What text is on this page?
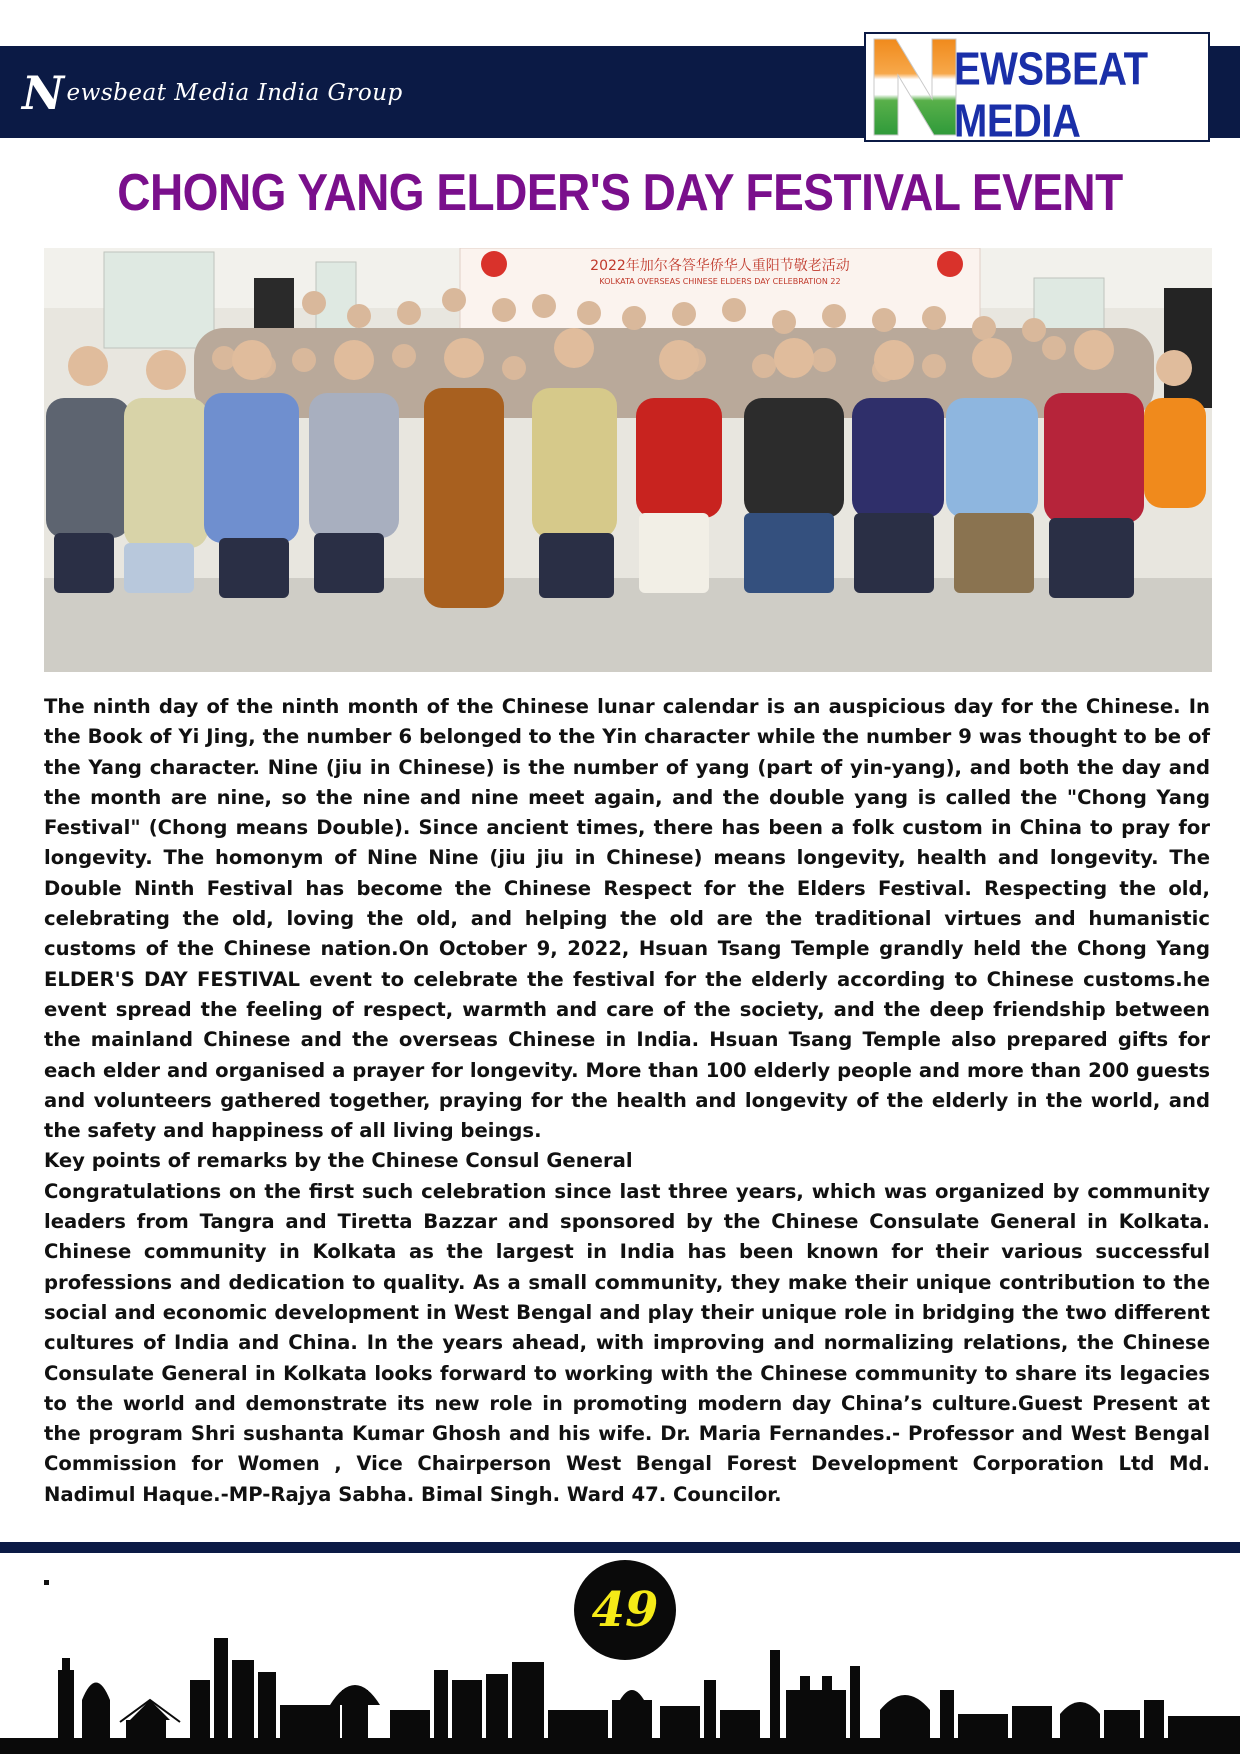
N ewsbeat Media India Group	EWSBEAT MEDIA
CHONG YANG ELDER'S DAY FESTIVAL EVENT
2022年加尔各答华侨华人重阳节敬老活动
KOLKATA OVERSEAS CHINESE ELDERS DAY CELEBRATION 22

The ninth day of the ninth month of the Chinese lunar calendar is an auspicious day for the Chinese. In the Book of Yi Jing, the number 6 belonged to the Yin character while the number 9 was thought to be of the Yang character. Nine (jiu in Chinese) is the number of yang (part of yin-yang), and both the day and the month are nine, so the nine and nine meet again, and the double yang is called the "Chong Yang Festival" (Chong means Double). Since ancient times, there has been a folk custom in China to pray for longevity. The homonym of Nine Nine (jiu jiu in Chinese) means longevity, health and longevity. The Double Ninth Festival has become the Chinese Respect for the Elders Festival. Respecting the old, celebrating the old, loving the old, and helping the old are the traditional virtues and humanistic customs of the Chinese nation.On October 9, 2022, Hsuan Tsang Temple grandly held the Chong Yang ELDER'S DAY FESTIVAL event to celebrate the festival for the elderly according to Chinese customs.he event spread the feeling of respect, warmth and care of the society, and the deep friendship between the mainland Chinese and the overseas Chinese in India. Hsuan Tsang Temple also prepared gifts for each elder and organised a prayer for longevity. More than 100 elderly people and more than 200 guests and volunteers gathered together, praying for the health and longevity of the elderly in the world, and the safety and happiness of all living beings.

Key points of remarks by the Chinese Consul General

Congratulations on the first such celebration since last three years, which was organized by community leaders from Tangra and Tiretta Bazzar and sponsored by the Chinese Consulate General in Kolkata. Chinese community in Kolkata as the largest in India has been known for their various successful professions and dedication to quality. As a small community, they make their unique contribution to the social and economic development in West Bengal and play their unique role in bridging the two different cultures of India and China. In the years ahead, with improving and normalizing relations, the Chinese Consulate General in Kolkata looks forward to working with the Chinese community to share its legacies to the world and demonstrate its new role in promoting modern day China’s culture.Guest Present at the program Shri sushanta Kumar Ghosh and his wife. Dr. Maria Fernandes.- Professor and West Bengal Commission for Women , Vice Chairperson West Bengal Forest Development Corporation Ltd Md. Nadimul Haque.-MP-Rajya Sabha. Bimal Singh. Ward 47. Councilor.

49
